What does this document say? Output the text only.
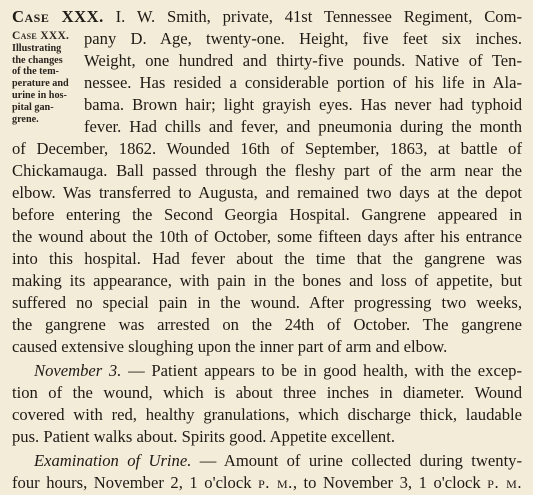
Case XXX.
Illustrating
the changes
of the tem-
perature and
urine in hos-
pital gan-
grene.
Case XXX. I. W. Smith, private, 41st Tennessee Regiment, Com-
pany D. Age, twenty-one. Height, five feet six inches.
Weight, one hundred and thirty-five pounds. Native of Ten-
nessee. Has resided a considerable portion of his life in Ala-
bama. Brown hair; light grayish eyes. Has never had typhoid
fever. Had chills and fever, and pneumonia during the month
of December, 1862. Wounded 16th of September, 1863, at battle of
Chickamauga. Ball passed through the fleshy part of the arm near the
elbow. Was transferred to Augusta, and remained two days at the depot
before entering the Second Georgia Hospital. Gangrene appeared in
the wound about the 10th of October, some fifteen days after his entrance
into this hospital. Had fever about the time that the gangrene was
making its appearance, with pain in the bones and loss of appetite, but
suffered no special pain in the wound. After progressing two weeks,
the gangrene was arrested on the 24th of October. The gangrene
caused extensive sloughing upon the inner part of arm and elbow.
November 3. — Patient appears to be in good health, with the excep-
tion of the wound, which is about three inches in diameter. Wound
covered with red, healthy granulations, which discharge thick, laudable
pus. Patient walks about. Spirits good. Appetite excellent.
Examination of Urine. — Amount of urine collected during twenty-
four hours, November 2, 1 o'clock p. m., to November 3, 1 o'clock p. m.
